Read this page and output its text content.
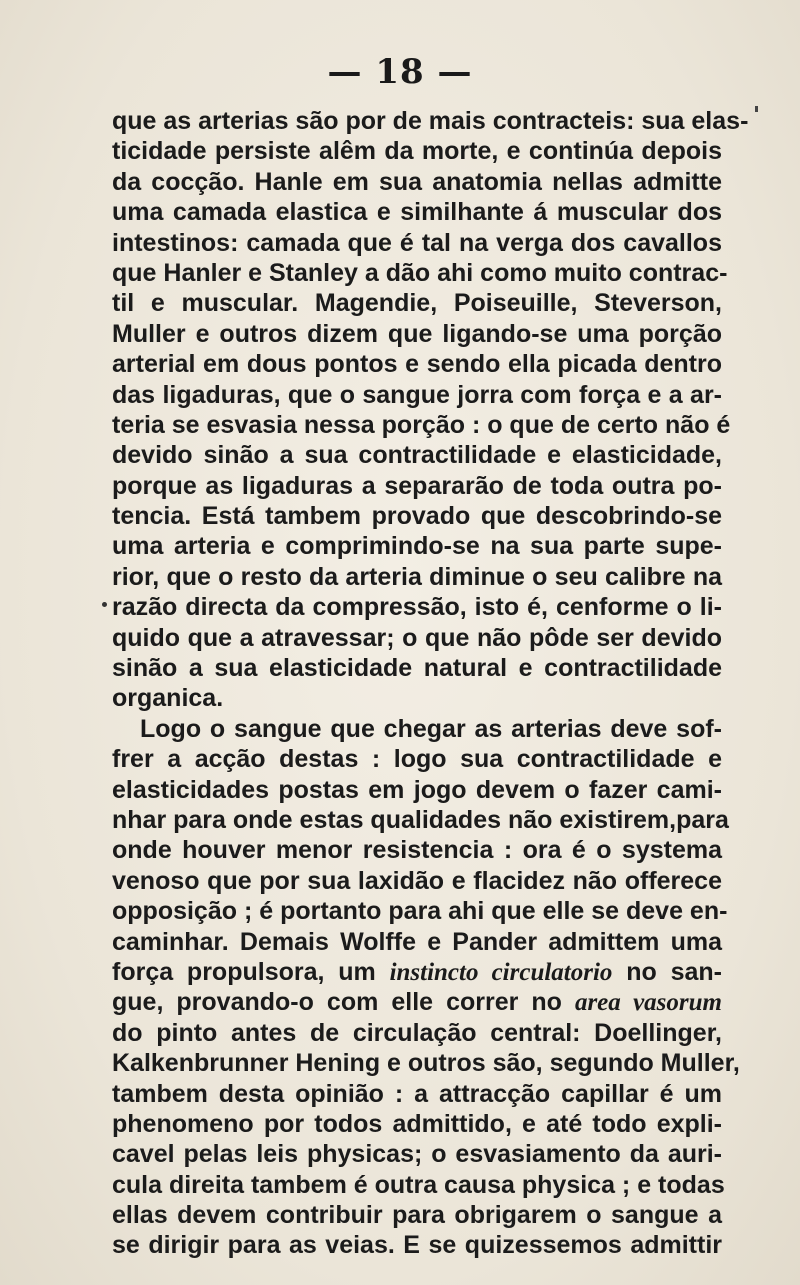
— 18 —
que as arterias são por de mais contracteis: sua elas-
ticidade persiste alêm da morte, e continúa depois
da cocção. Hanle em sua anatomia nellas admitte
uma camada elastica e similhante á muscular dos
intestinos: camada que é tal na verga dos cavallos
que Hanler e Stanley a dão ahi como muito contrac-
til e muscular. Magendie, Poiseuille, Steverson,
Muller e outros dizem que ligando-se uma porção
arterial em dous pontos e sendo ella picada dentro
das ligaduras, que o sangue jorra com força e a ar-
teria se esvasia nessa porção : o que de certo não é
devido sinão a sua contractilidade e elasticidade,
porque as ligaduras a separarão de toda outra po-
tencia. Está tambem provado que descobrindo-se
uma arteria e comprimindo-se na sua parte supe-
rior, que o resto da arteria diminue o seu calibre na
razão directa da compressão, isto é, cenforme o li-
quido que a atravessar; o que não pôde ser devido
sinão a sua elasticidade natural e contractilidade
organica.
Logo o sangue que chegar as arterias deve sof-
frer a acção destas : logo sua contractilidade e
elasticidades postas em jogo devem o fazer cami-
nhar para onde estas qualidades não existirem,para
onde houver menor resistencia : ora é o systema
venoso que por sua laxidão e flacidez não offerece
opposição ; é portanto para ahi que elle se deve en-
caminhar. Demais Wolffe e Pander admittem uma
força propulsora, um instincto circulatorio no san-
gue, provando-o com elle correr no area vasorum
do pinto antes de circulação central: Doellinger,
Kalkenbrunner Hening e outros são, segundo Muller,
tambem desta opinião : a attracção capillar é um
phenomeno por todos admittido, e até todo expli-
cavel pelas leis physicas; o esvasiamento da auri-
cula direita tambem é outra causa physica ; e todas
ellas devem contribuir para obrigarem o sangue a
se dirigir para as veias. E se quizessemos admittir
